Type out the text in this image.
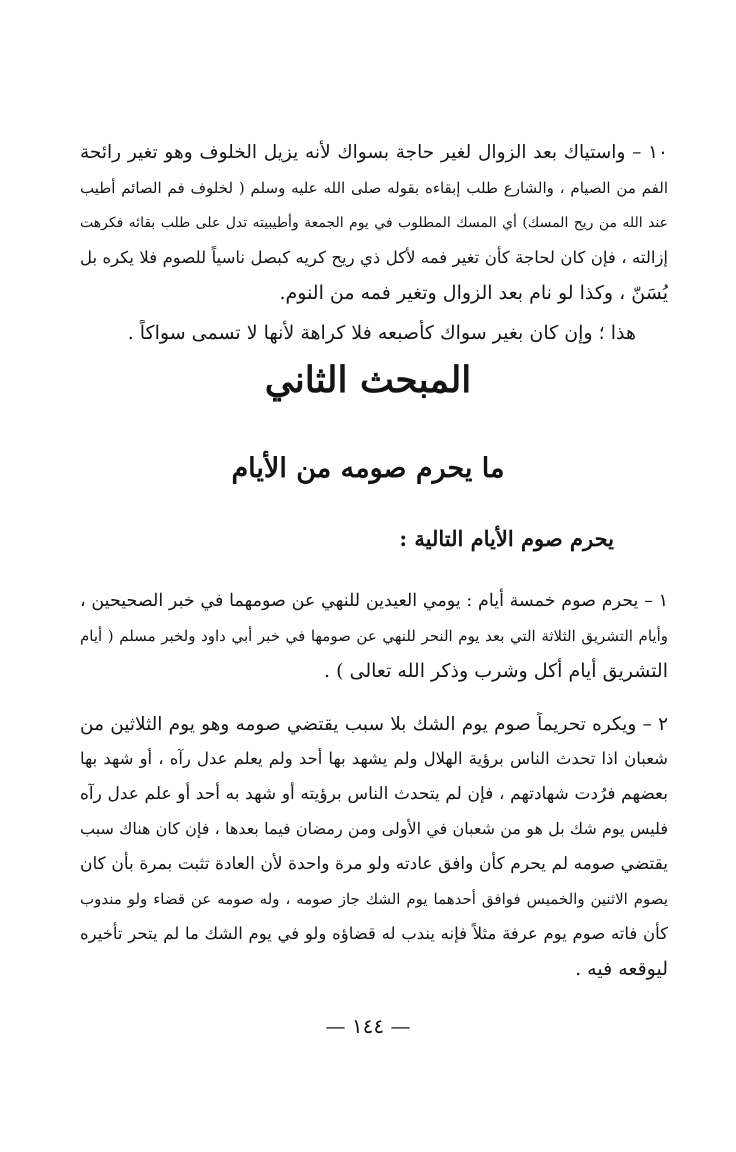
١٠ – واستياك بعد الزوال لغير حاجة بسواك لأنه يزيل الخلوف وهو تغير رائحة
الفم من الصيام ، والشارع طلب إبقاءه بقوله صلى الله عليه وسلم ( لخلوف فم الصائم أطيب
عند الله من ريح المسك) أي المسك المطلوب في يوم الجمعة وأطيبيته تدل على طلب بقائه فكرهت
إزالته ، فإن كان لحاجة كأن تغير فمه لأكل ذي ريح كريه كبصل ناسياً للصوم فلا يكره بل
يُسَنّ ، وكذا لو نام بعد الزوال وتغير فمه من النوم.
هذا ؛ وإن كان بغير سواك كأصبعه فلا كراهة لأنها لا تسمى سواكاً .
المبحث الثاني
ما يحرم صومه من الأيام
يحرم صوم الأيام التالية :
١ – يحرم صوم خمسة أيام : يومي العيدين للنهي عن صومهما في خبر الصحيحين ،
وأيام التشريق الثلاثة التي بعد يوم النحر للنهي عن صومها في خبر أبي داود ولخبر مسلم ( أيام
التشريق أيام أكل وشرب وذكر الله تعالى ) .
٢ – ويكره تحريماً صوم يوم الشك بلا سبب يقتضي صومه وهو يوم الثلاثين من
شعبان اذا تحدث الناس برؤية الهلال ولم يشهد بها أحد ولم يعلم عدل رآه ، أو شهد بها
بعضهم فرُدت شهادتهم ، فإن لم يتحدث الناس برؤيته أو شهد به أحد أو علم عدل رآه
فليس يوم شك بل هو من شعبان في الأولى ومن رمضان فيما بعدها ، فإن كان هناك سبب
يقتضي صومه لم يحرم كأن وافق عادته ولو مرة واحدة لأن العادة تثبت بمرة بأن كان
يصوم الاثنين والخميس فوافق أحدهما يوم الشك جاز صومه ، وله صومه عن قضاء ولو مندوب
كأن فاته صوم يوم عرفة مثلاً فإنه يندب له قضاؤه ولو في يوم الشك ما لم يتحر تأخيره
ليوقعه فيه .
— ١٤٤ —
